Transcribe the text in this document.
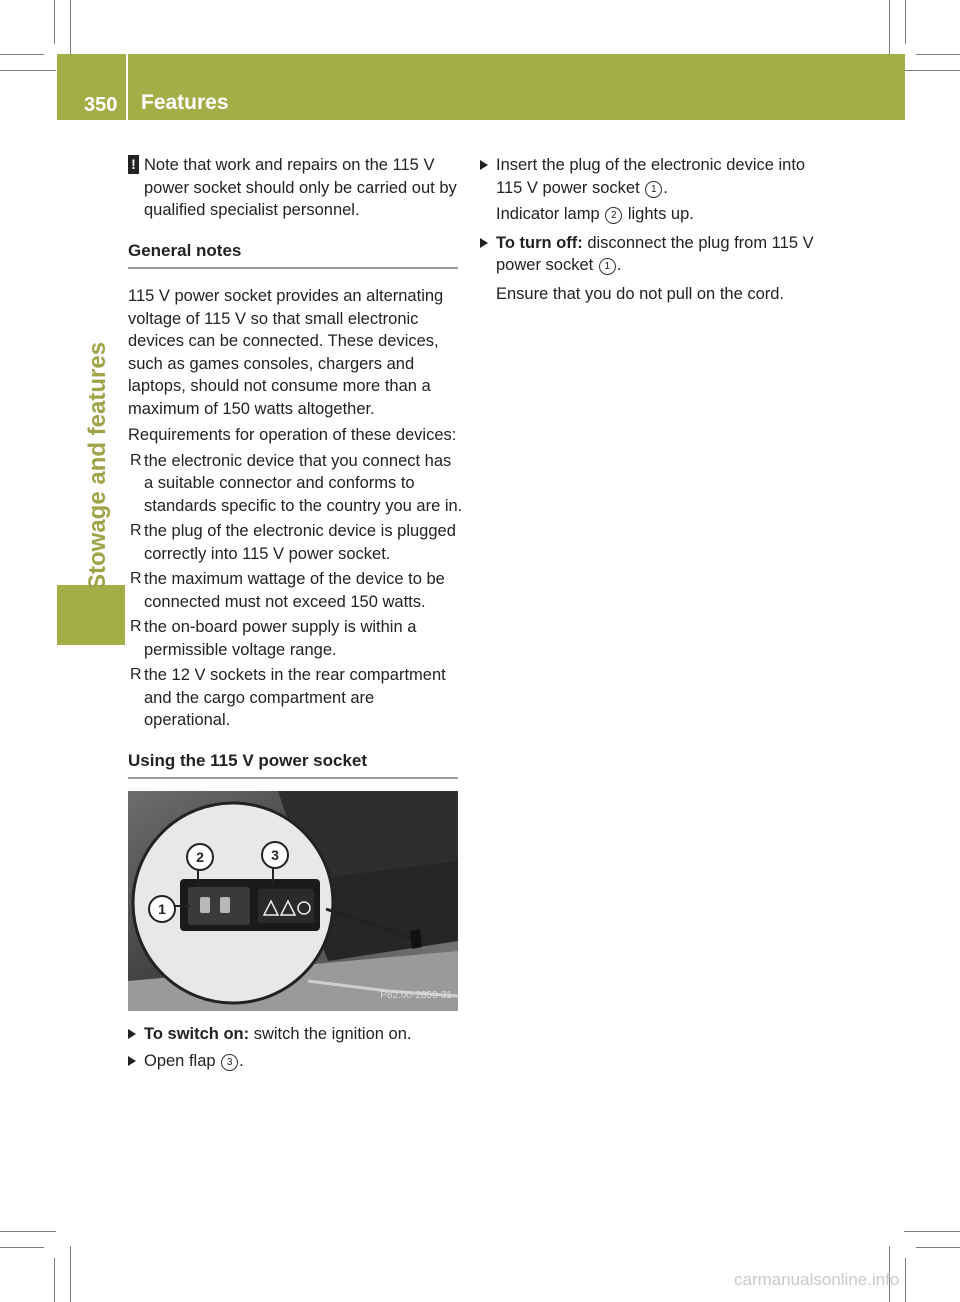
350 Features
Stowage and features
! Note that work and repairs on the 115 V power socket should only be carried out by qualified specialist personnel.
General notes
115 V power socket provides an alternating voltage of 115 V so that small electronic devices can be connected. These devices, such as games consoles, chargers and laptops, should not consume more than a maximum of 150 watts altogether.
Requirements for operation of these devices:
R the electronic device that you connect has a suitable connector and conforms to standards specific to the country you are in.
R the plug of the electronic device is plugged correctly into 115 V power socket.
R the maximum wattage of the device to be connected must not exceed 150 watts.
R the on-board power supply is within a permissible voltage range.
R the 12 V sockets in the rear compartment and the cargo compartment are operational.
Using the 115 V power socket
1
2	3
P82.00-2858-31
To switch on: switch the ignition on.
Open flap 3 .
Insert the plug of the electronic device into 115 V power socket 1 .
Indicator lamp 2 lights up.
To turn off: disconnect the plug from 115 V power socket 1 .
Ensure that you do not pull on the cord.
carmanualsonline.info
